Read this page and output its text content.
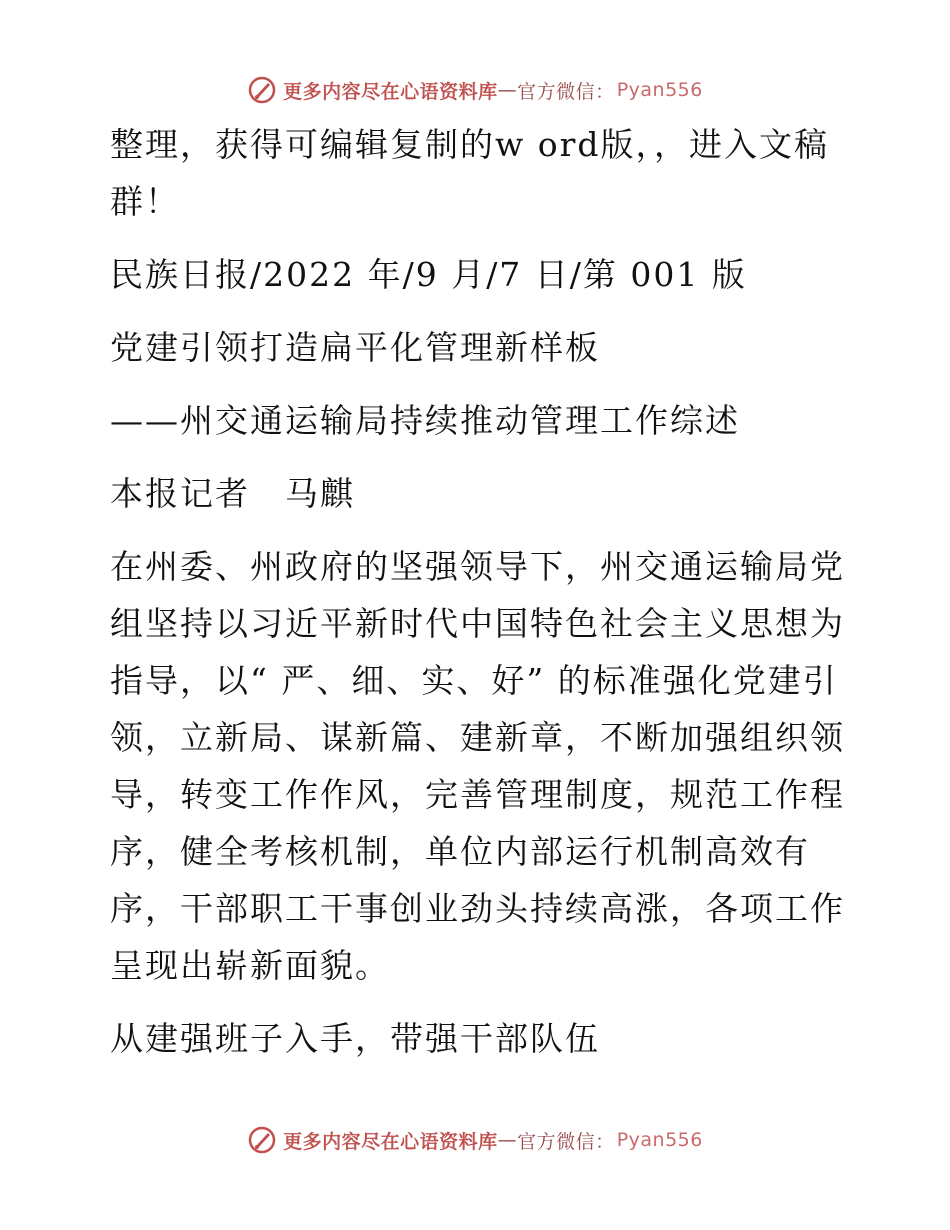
更多内容尽在心语资料库 — 官方微信： Pyan556

整理，获得可编辑复制的w ord版，，进入文稿群！

民族日报/2022 年/9 月/7 日/第 001 版

党建引领打造扁平化管理新样板

——州交通运输局持续推动管理工作综述

本报记者　马麒

在州委、州政府的坚强领导下，州交通运输局党组坚持以习近平新时代中国特色社会主义思想为指导，以“ 严、细、实、好” 的标准强化党建引领，立新局、谋新篇、建新章，不断加强组织领导，转变工作作风，完善管理制度，规范工作程序，健全考核机制，单位内部运行机制高效有序，干部职工干事创业劲头持续高涨，各项工作呈现出崭新面貌。

从建强班子入手，带强干部队伍

更多内容尽在心语资料库 — 官方微信： Pyan556
